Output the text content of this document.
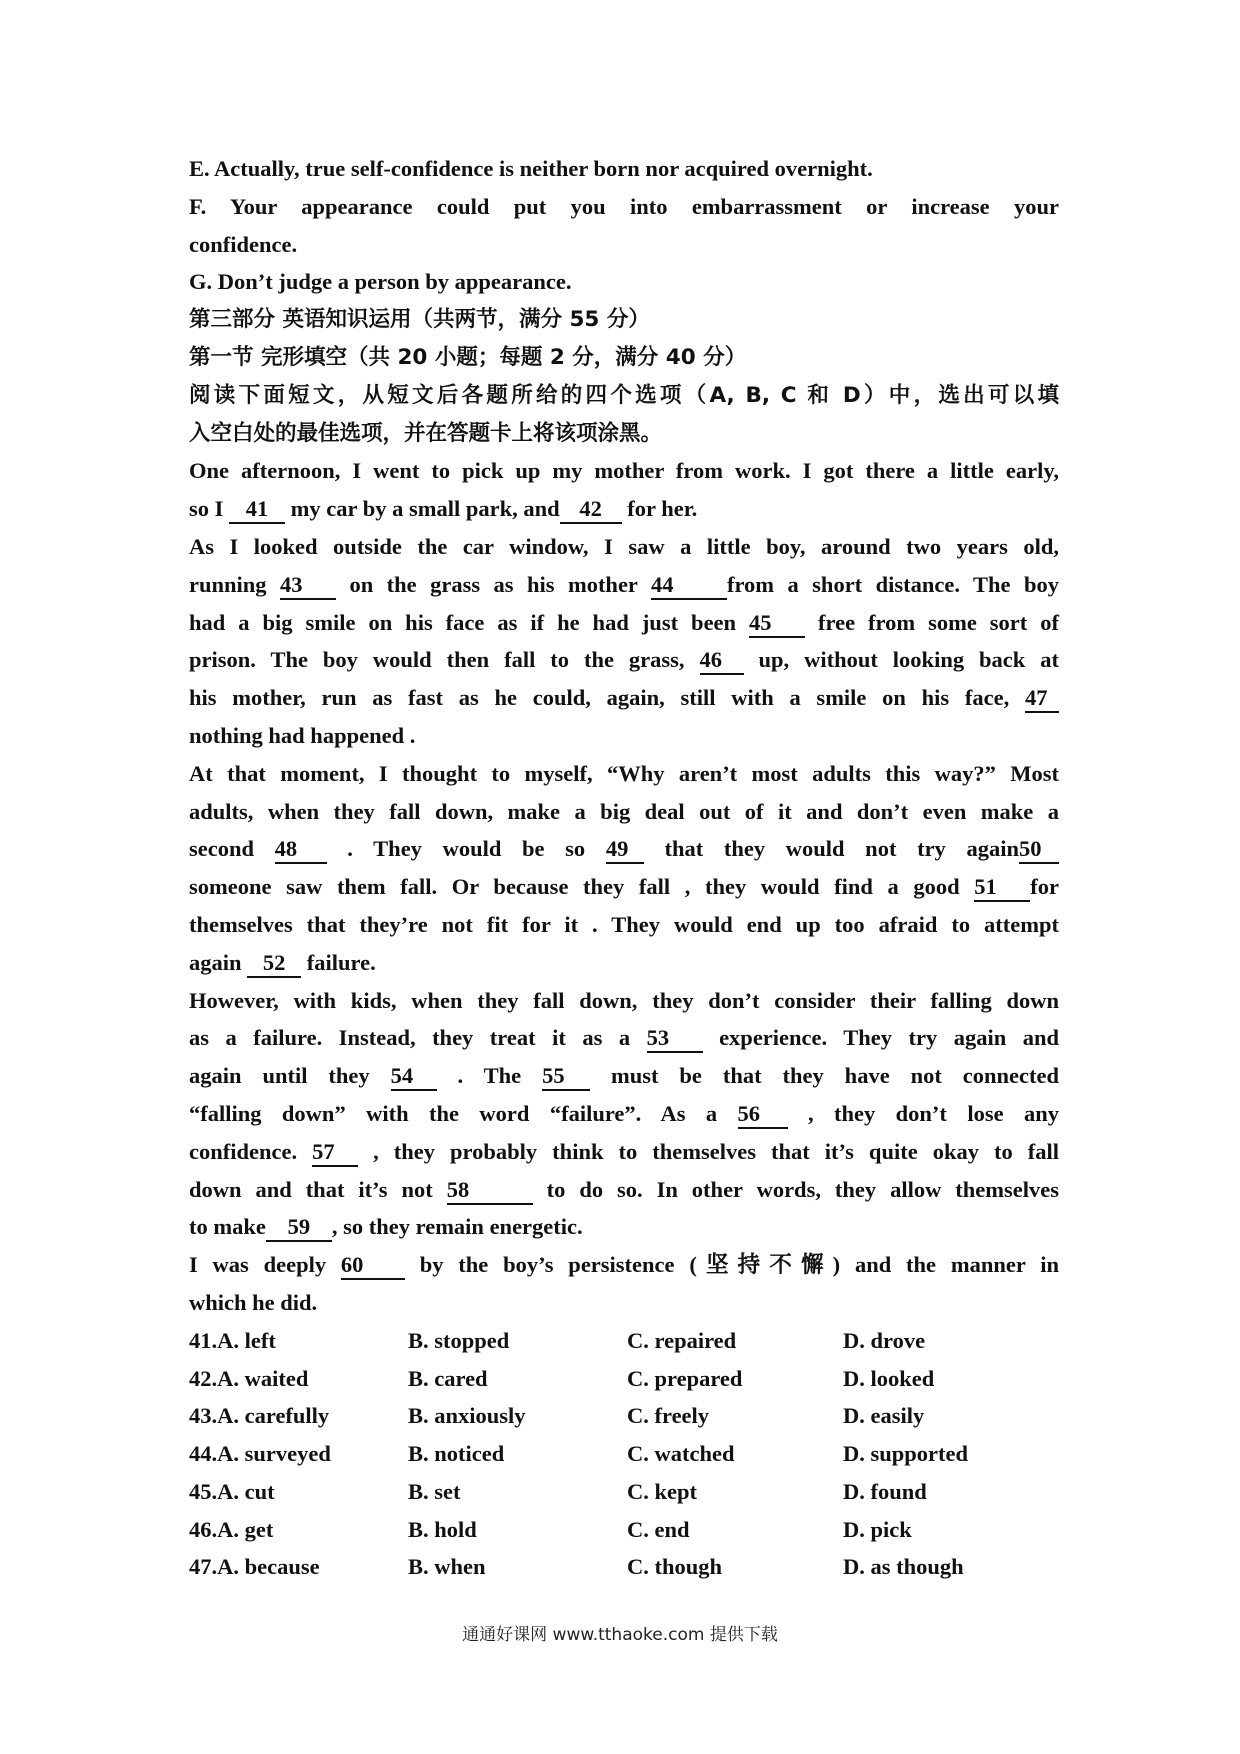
E. Actually, true self-confidence is neither born nor acquired overnight.
F. Your appearance could put you into embarrassment or increase your
confidence.
G. Don’t judge a person by appearance.
第三部分 英语知识运用（共两节，满分 55 分）
第一节 完形填空（共 20 小题；每题 2 分，满分 40 分）
阅读下面短文，从短文后各题所给的四个选项（A, B, C 和 D）中，选出可以填
入空白处的最佳选项，并在答题卡上将该项涂黑。
One afternoon, I went to pick up my mother from work. I got there a little early,
so I 41 my car by a small park, and 42 for her.
As I looked outside the car window, I saw a little boy, around two years old,
running 43 on the grass as his mother 44 from a short distance. The boy
had a big smile on his face as if he had just been 45 free from some sort of
prison. The boy would then fall to the grass, 46 up, without looking back at
his mother, run as fast as he could, again, still with a smile on his face, 47
nothing had happened .
At that moment, I thought to myself, “Why aren’t most adults this way?” Most
adults, when they fall down, make a big deal out of it and don’t even make a
second 48 . They would be so 49 that they would not try again50
someone saw them fall. Or because they fall , they would find a good 51 for
themselves that they’re not fit for it . They would end up too afraid to attempt
again 52 failure.
However, with kids, when they fall down, they don’t consider their falling down
as a failure. Instead, they treat it as a 53 experience. They try again and
again until they 54 . The 55 must be that they have not connected
“falling down” with the word “failure”. As a 56 , they don’t lose any
confidence. 57 , they probably think to themselves that it’s quite okay to fall
down and that it’s not 58	to do so. In other words, they allow themselves
to make 59 , so they remain energetic.
I was deeply 60 by the boy’s persistence (坚持不懈) and the manner in
which he did.
41.A. left	B. stopped	C. repaired	D. drove
42.A. waited	B. cared	C. prepared	D. looked
43.A. carefully	B. anxiously	C. freely	D. easily
44.A. surveyed	B. noticed	C. watched	D. supported
45.A. cut	B. set	C. kept	D. found
46.A. get	B. hold	C. end	D. pick
47.A. because	B. when	C. though	D. as though
通通好课网 www.tthaoke.com 提供下载
